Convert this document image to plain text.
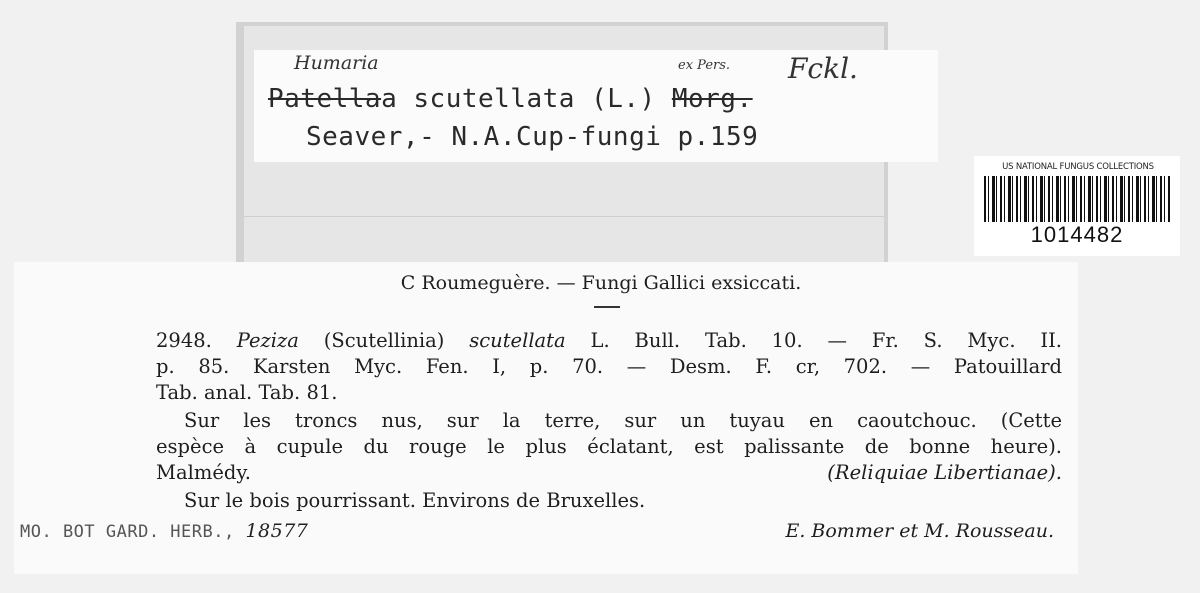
Humaria
Patellaa scutellata (L.) Morg.
ex Pers. Fckl.
Seaver,- N.A.Cup-fungi p.159
US NATIONAL FUNGUS COLLECTIONS
1014482
C Roumeguère. — Fungi Gallici exsiccati.
2948. Peziza (Scutellinia) scutellata L. Bull. Tab. 10. — Fr. S. Myc. II.
p. 85. Karsten Myc. Fen. I, p. 70. — Desm. F. cr, 702. — Patouillard
Tab. anal. Tab. 81.
Sur les troncs nus, sur la terre, sur un tuyau en caoutchouc. (Cette
espèce à cupule du rouge le plus éclatant, est palissante de bonne heure).
Malmédy.	(Reliquiae Libertianae).
Sur le bois pourrissant. Environs de Bruxelles.
MO. BOT GARD. HERB., 18577	E. Bommer et M. Rousseau.
